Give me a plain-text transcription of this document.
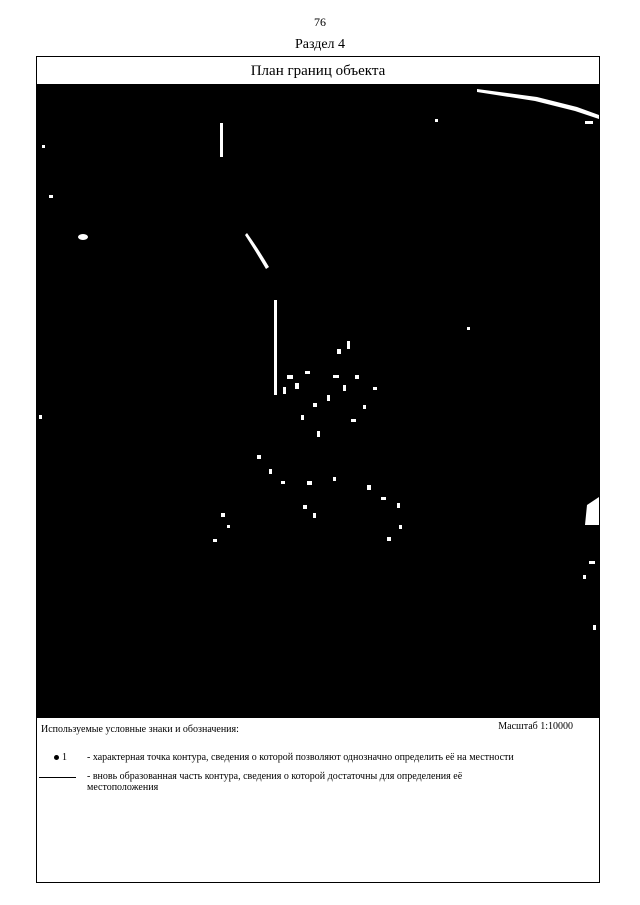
76
Раздел 4
План границ объекта
Используемые условные знаки и обозначения:	Масштаб 1:10000
1 - характерная точка контура, сведения о которой позволяют однозначно определить её на местности
- вновь образованная часть контура, сведения о которой достаточны для определения её
местоположения
